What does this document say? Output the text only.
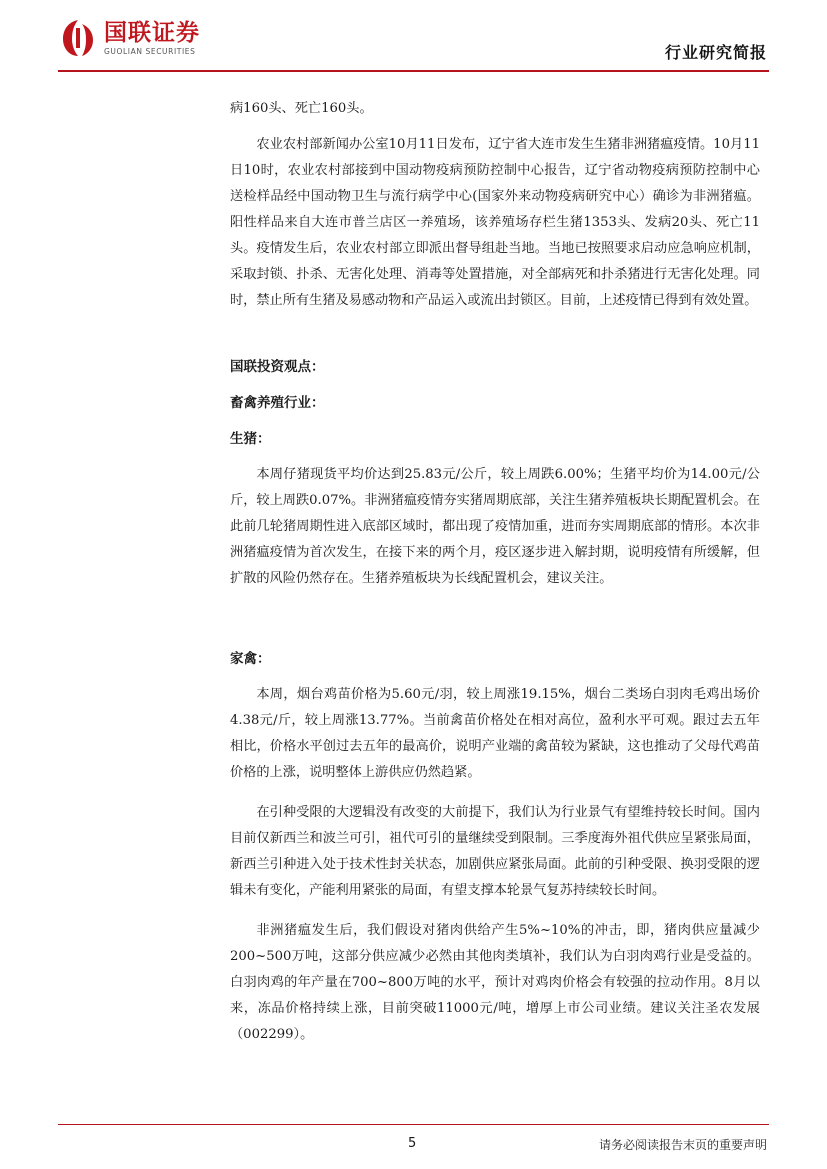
国联证券
GUOLIAN SECURITIES	行业研究简报

病160头、死亡160头。

农业农村部新闻办公室10月11日发布，辽宁省大连市发生生猪非洲猪瘟疫情。10月11日10时，农业农村部接到中国动物疫病预防控制中心报告，辽宁省动物疫病预防控制中心送检样品经中国动物卫生与流行病学中心(国家外来动物疫病研究中心）确诊为非洲猪瘟。阳性样品来自大连市普兰店区一养殖场，该养殖场存栏生猪1353头、发病20头、死亡11头。疫情发生后，农业农村部立即派出督导组赴当地。当地已按照要求启动应急响应机制，采取封锁、扑杀、无害化处理、消毒等处置措施，对全部病死和扑杀猪进行无害化处理。同时，禁止所有生猪及易感动物和产品运入或流出封锁区。目前，上述疫情已得到有效处置。

国联投资观点：

畜禽养殖行业：

生猪：

本周仔猪现货平均价达到25.83元/公斤，较上周跌6.00%；生猪平均价为14.00元/公斤，较上周跌0.07%。非洲猪瘟疫情夯实猪周期底部，关注生猪养殖板块长期配置机会。在此前几轮猪周期性进入底部区域时，都出现了疫情加重，进而夯实周期底部的情形。本次非洲猪瘟疫情为首次发生，在接下来的两个月，疫区逐步进入解封期，说明疫情有所缓解，但扩散的风险仍然存在。生猪养殖板块为长线配置机会，建议关注。

家禽：

本周，烟台鸡苗价格为5.60元/羽，较上周涨19.15%，烟台二类场白羽肉毛鸡出场价4.38元/斤，较上周涨13.77%。当前禽苗价格处在相对高位，盈利水平可观。跟过去五年相比，价格水平创过去五年的最高价，说明产业端的禽苗较为紧缺，这也推动了父母代鸡苗价格的上涨，说明整体上游供应仍然趋紧。

在引种受限的大逻辑没有改变的大前提下，我们认为行业景气有望维持较长时间。国内目前仅新西兰和波兰可引，祖代可引的量继续受到限制。三季度海外祖代供应呈紧张局面，新西兰引种进入处于技术性封关状态，加剧供应紧张局面。此前的引种受限、换羽受限的逻辑未有变化，产能利用紧张的局面，有望支撑本轮景气复苏持续较长时间。

非洲猪瘟发生后，我们假设对猪肉供给产生5%~10%的冲击，即，猪肉供应量减少200~500万吨，这部分供应减少必然由其他肉类填补，我们认为白羽肉鸡行业是受益的。白羽肉鸡的年产量在700~800万吨的水平，预计对鸡肉价格会有较强的拉动作用。8月以来，冻品价格持续上涨，目前突破11000元/吨，增厚上市公司业绩。建议关注圣农发展（002299）。

5	请务必阅读报告末页的重要声明
